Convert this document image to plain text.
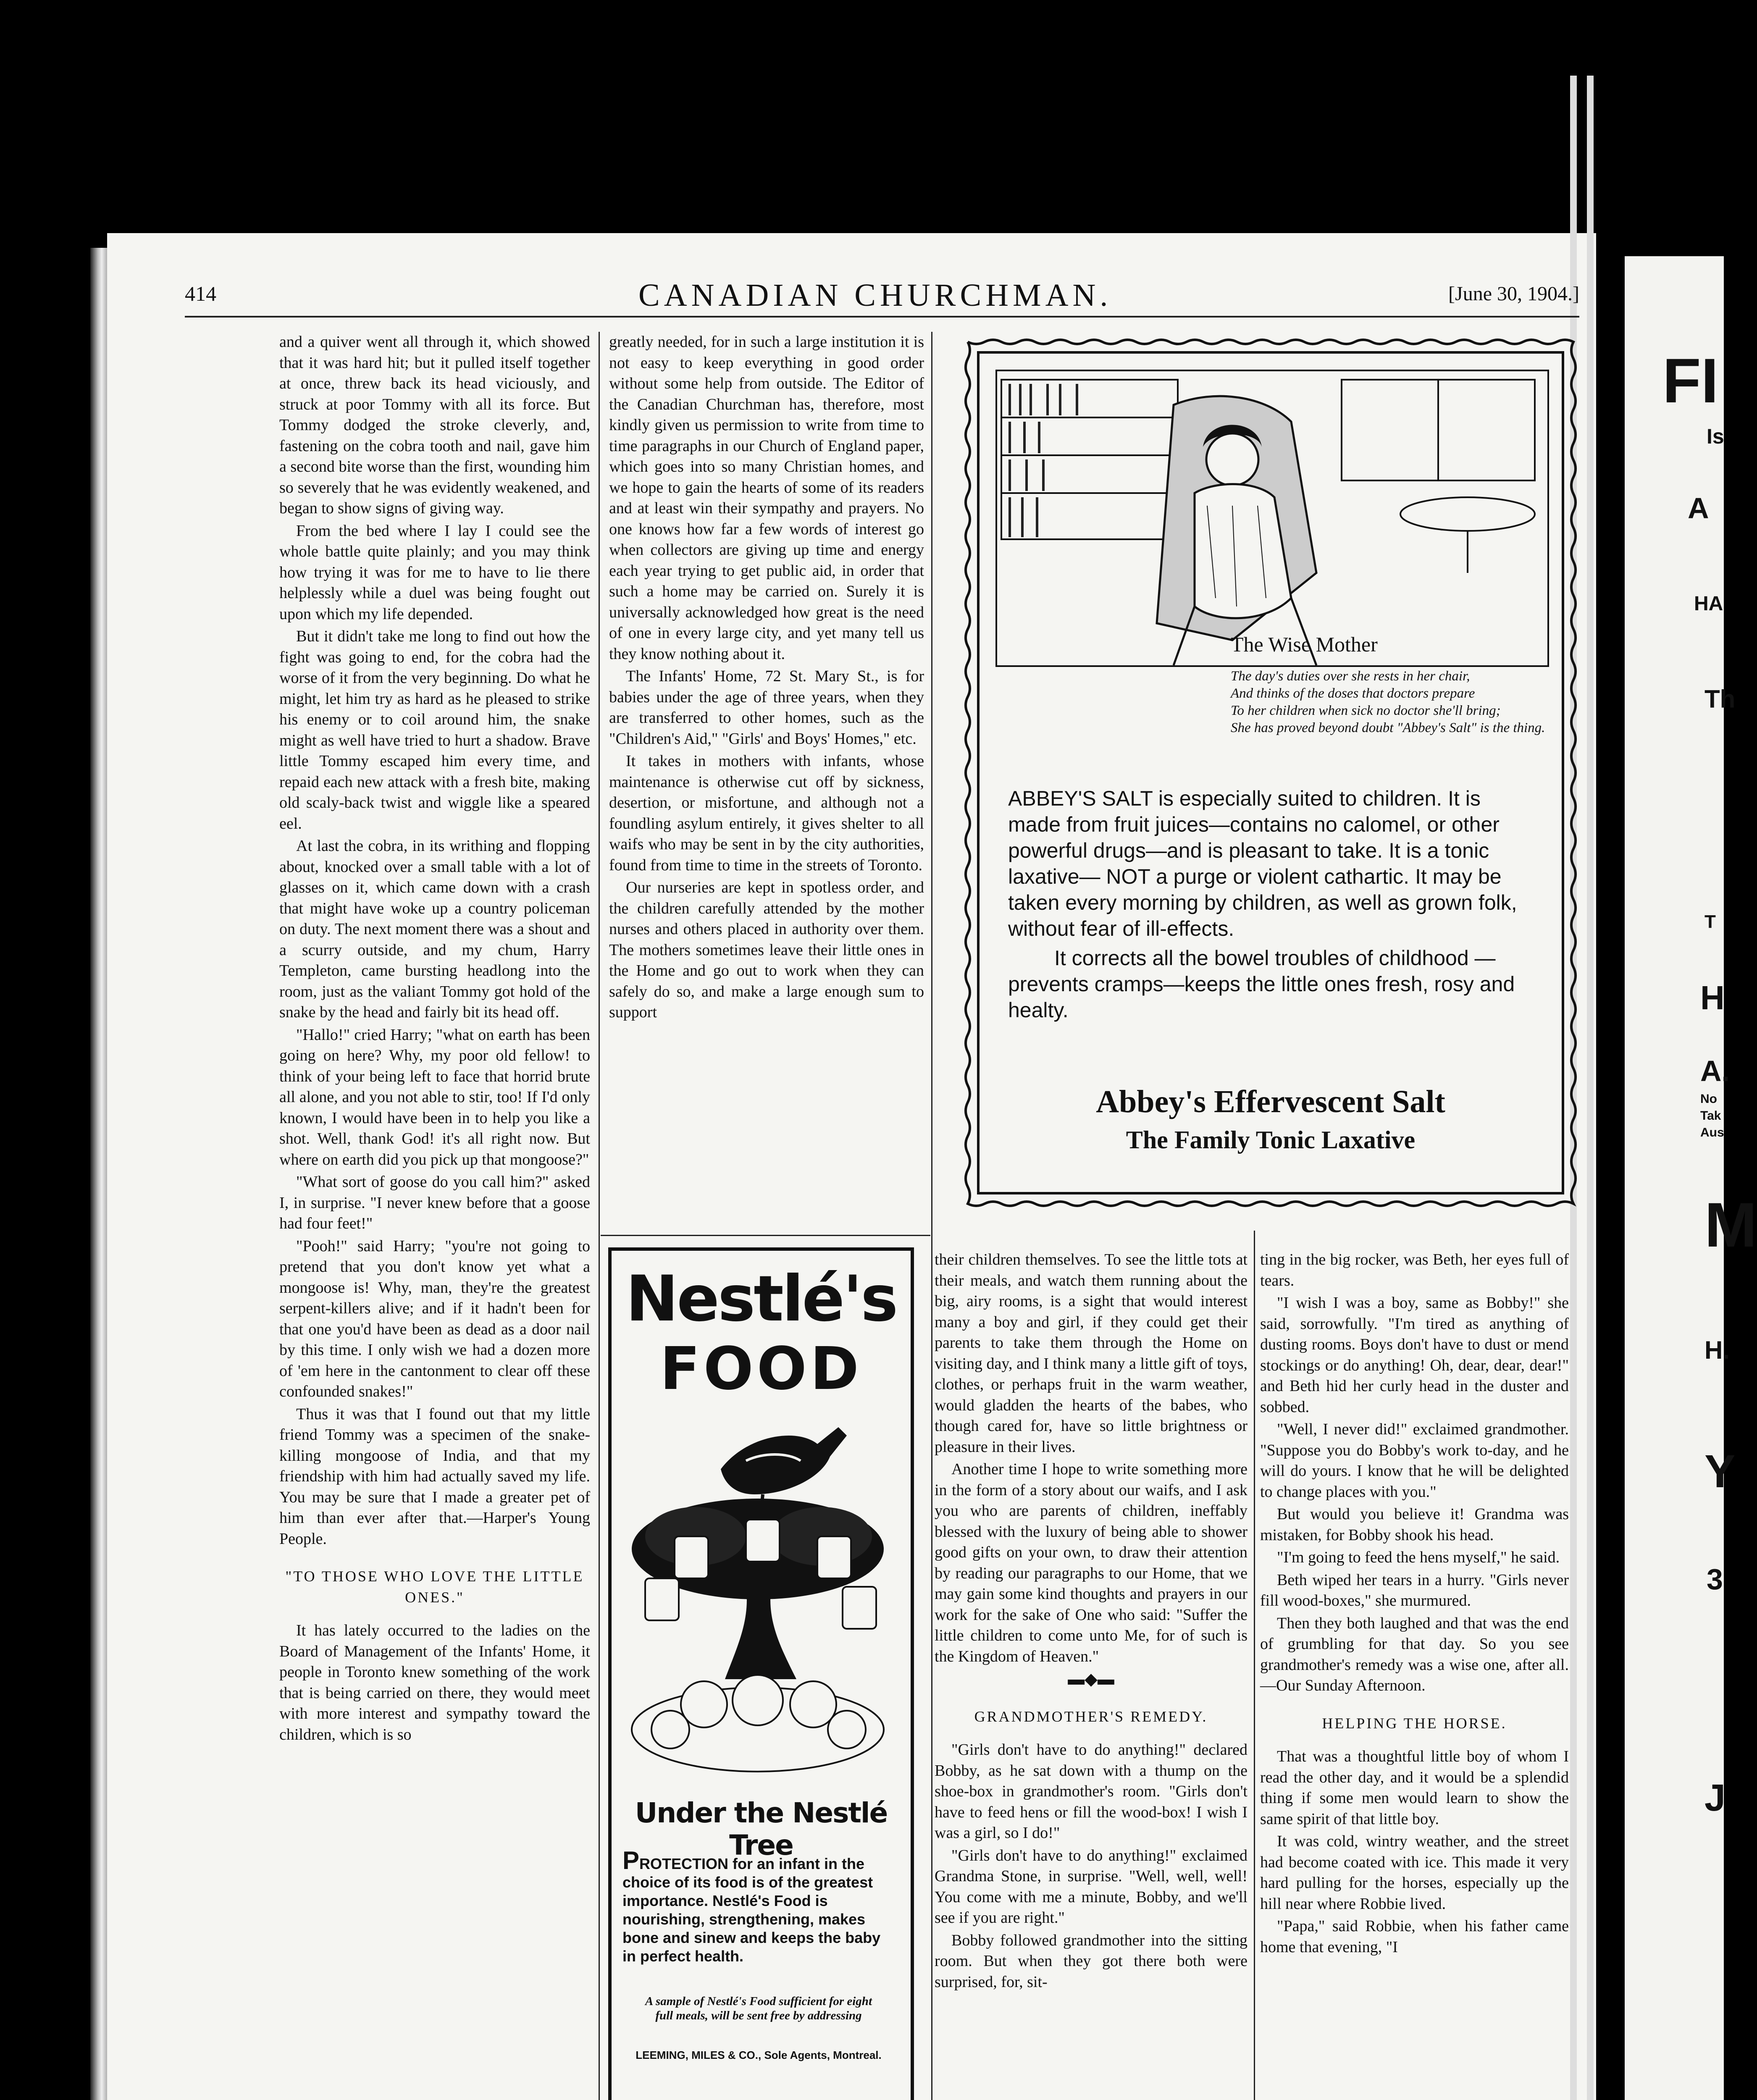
FI
Is
A
HA
Th
T
H
A.
No
Tak
Aus
M
H.
Y
3
J
414	CANADIAN CHURCHMAN.	[June 30, 1904.]

and a quiver went all through it, which showed that it was hard hit; but it pulled itself together at once, threw back its head viciously, and struck at poor Tommy with all its force. But Tommy dodged the stroke cleverly, and, fastening on the cobra tooth and nail, gave him a second bite worse than the first, wounding him so severely that he was evidently weakened, and began to show signs of giving way.

From the bed where I lay I could see the whole battle quite plainly; and you may think how trying it was for me to have to lie there helplessly while a duel was being fought out upon which my life depended.

But it didn't take me long to find out how the fight was going to end, for the cobra had the worse of it from the very beginning. Do what he might, let him try as hard as he pleased to strike his enemy or to coil around him, the snake might as well have tried to hurt a shadow. Brave little Tommy escaped him every time, and repaid each new attack with a fresh bite, making old scaly-back twist and wiggle like a speared eel.

At last the cobra, in its writhing and flopping about, knocked over a small table with a lot of glasses on it, which came down with a crash that might have woke up a country policeman on duty. The next moment there was a shout and a scurry outside, and my chum, Harry Templeton, came bursting headlong into the room, just as the valiant Tommy got hold of the snake by the head and fairly bit its head off.

"Hallo!" cried Harry; "what on earth has been going on here? Why, my poor old fellow! to think of your being left to face that horrid brute all alone, and you not able to stir, too! If I'd only known, I would have been in to help you like a shot. Well, thank God! it's all right now. But where on earth did you pick up that mongoose?"

"What sort of goose do you call him?" asked I, in surprise. "I never knew before that a goose had four feet!"

"Pooh!" said Harry; "you're not going to pretend that you don't know yet what a mongoose is! Why, man, they're the greatest serpent-killers alive; and if it hadn't been for that one you'd have been as dead as a door nail by this time. I only wish we had a dozen more of 'em here in the cantonment to clear off these confounded snakes!"

Thus it was that I found out that my little friend Tommy was a specimen of the snake-killing mongoose of India, and that my friendship with him had actually saved my life. You may be sure that I made a greater pet of him than ever after that.—Harper's Young People.

"TO THOSE WHO LOVE THE LITTLE ONES."

It has lately occurred to the ladies on the Board of Management of the Infants' Home, it people in Toronto knew something of the work that is being carried on there, they would meet with more interest and sympathy toward the children, which is so

greatly needed, for in such a large institution it is not easy to keep everything in good order without some help from outside. The Editor of the Canadian Churchman has, therefore, most kindly given us permission to write from time to time paragraphs in our Church of England paper, which goes into so many Christian homes, and we hope to gain the hearts of some of its readers and at least win their sympathy and prayers. No one knows how far a few words of interest go when collectors are giving up time and energy each year trying to get public aid, in order that such a home may be carried on. Surely it is universally acknowledged how great is the need of one in every large city, and yet many tell us they know nothing about it.

The Infants' Home, 72 St. Mary St., is for babies under the age of three years, when they are transferred to other homes, such as the "Children's Aid," "Girls' and Boys' Homes," etc.

It takes in mothers with infants, whose maintenance is otherwise cut off by sickness, desertion, or misfortune, and although not a foundling asylum entirely, it gives shelter to all waifs who may be sent in by the city authorities, found from time to time in the streets of Toronto.

Our nurseries are kept in spotless order, and the children carefully attended by the mother nurses and others placed in authority over them. The mothers sometimes leave their little ones in the Home and go out to work when they can safely do so, and make a large enough sum to support

The Wise Mother
The day's duties over she rests in her chair,
And thinks of the doses that doctors prepare
To her children when sick no doctor she'll bring;
She has proved beyond doubt "Abbey's Salt" is the thing.

ABBEY'S SALT is especially suited to children. It is made from fruit juices—contains no calomel, or other powerful drugs—and is pleasant to take. It is a tonic laxative— NOT a purge or violent cathartic. It may be taken every morning by children, as well as grown folk, without fear of ill-effects.

It corrects all the bowel troubles of childhood —prevents cramps—keeps the little ones fresh, rosy and healty.

Abbey's Effervescent Salt
The Family Tonic Laxative
Nestlé's
FOOD
Under the Nestlé Tree
PROTECTION for an infant in the choice of its food is of the greatest importance. Nestlé's Food is nourishing, strengthening, makes bone and sinew and keeps the baby in perfect health.
A sample of Nestlé's Food sufficient for eight full meals, will be sent free by addressing
LEEMING, MILES & CO., Sole Agents, Montreal.

their children themselves. To see the little tots at their meals, and watch them running about the big, airy rooms, is a sight that would interest many a boy and girl, if they could get their parents to take them through the Home on visiting day, and I think many a little gift of toys, clothes, or perhaps fruit in the warm weather, would gladden the hearts of the babes, who though cared for, have so little brightness or pleasure in their lives.

Another time I hope to write something more in the form of a story about our waifs, and I ask you who are parents of children, ineffably blessed with the luxury of being able to shower good gifts on your own, to draw their attention by reading our paragraphs to our Home, that we may gain some kind thoughts and prayers in our work for the sake of One who said: "Suffer the little children to come unto Me, for of such is the Kingdom of Heaven."

▬◆▬

GRANDMOTHER'S REMEDY.

"Girls don't have to do anything!" declared Bobby, as he sat down with a thump on the shoe-box in grandmother's room. "Girls don't have to feed hens or fill the wood-box! I wish I was a girl, so I do!"

"Girls don't have to do anything!" exclaimed Grandma Stone, in surprise. "Well, well, well! You come with me a minute, Bobby, and we'll see if you are right."

Bobby followed grandmother into the sitting room. But when they got there both were surprised, for, sit-

ting in the big rocker, was Beth, her eyes full of tears.

"I wish I was a boy, same as Bobby!" she said, sorrowfully. "I'm tired as anything of dusting rooms. Boys don't have to dust or mend stockings or do anything! Oh, dear, dear, dear!" and Beth hid her curly head in the duster and sobbed.

"Well, I never did!" exclaimed grandmother. "Suppose you do Bobby's work to-day, and he will do yours. I know that he will be delighted to change places with you."

But would you believe it! Grandma was mistaken, for Bobby shook his head.

"I'm going to feed the hens myself," he said.

Beth wiped her tears in a hurry. "Girls never fill wood-boxes," she murmured.

Then they both laughed and that was the end of grumbling for that day. So you see grandmother's remedy was a wise one, after all.—Our Sunday Afternoon.

HELPING THE HORSE.

That was a thoughtful little boy of whom I read the other day, and it would be a splendid thing if some men would learn to show the same spirit of that little boy.

It was cold, wintry weather, and the street had become coated with ice. This made it very hard pulling for the horses, especially up the hill near where Robbie lived.

"Papa," said Robbie, when his father came home that evening, "I
